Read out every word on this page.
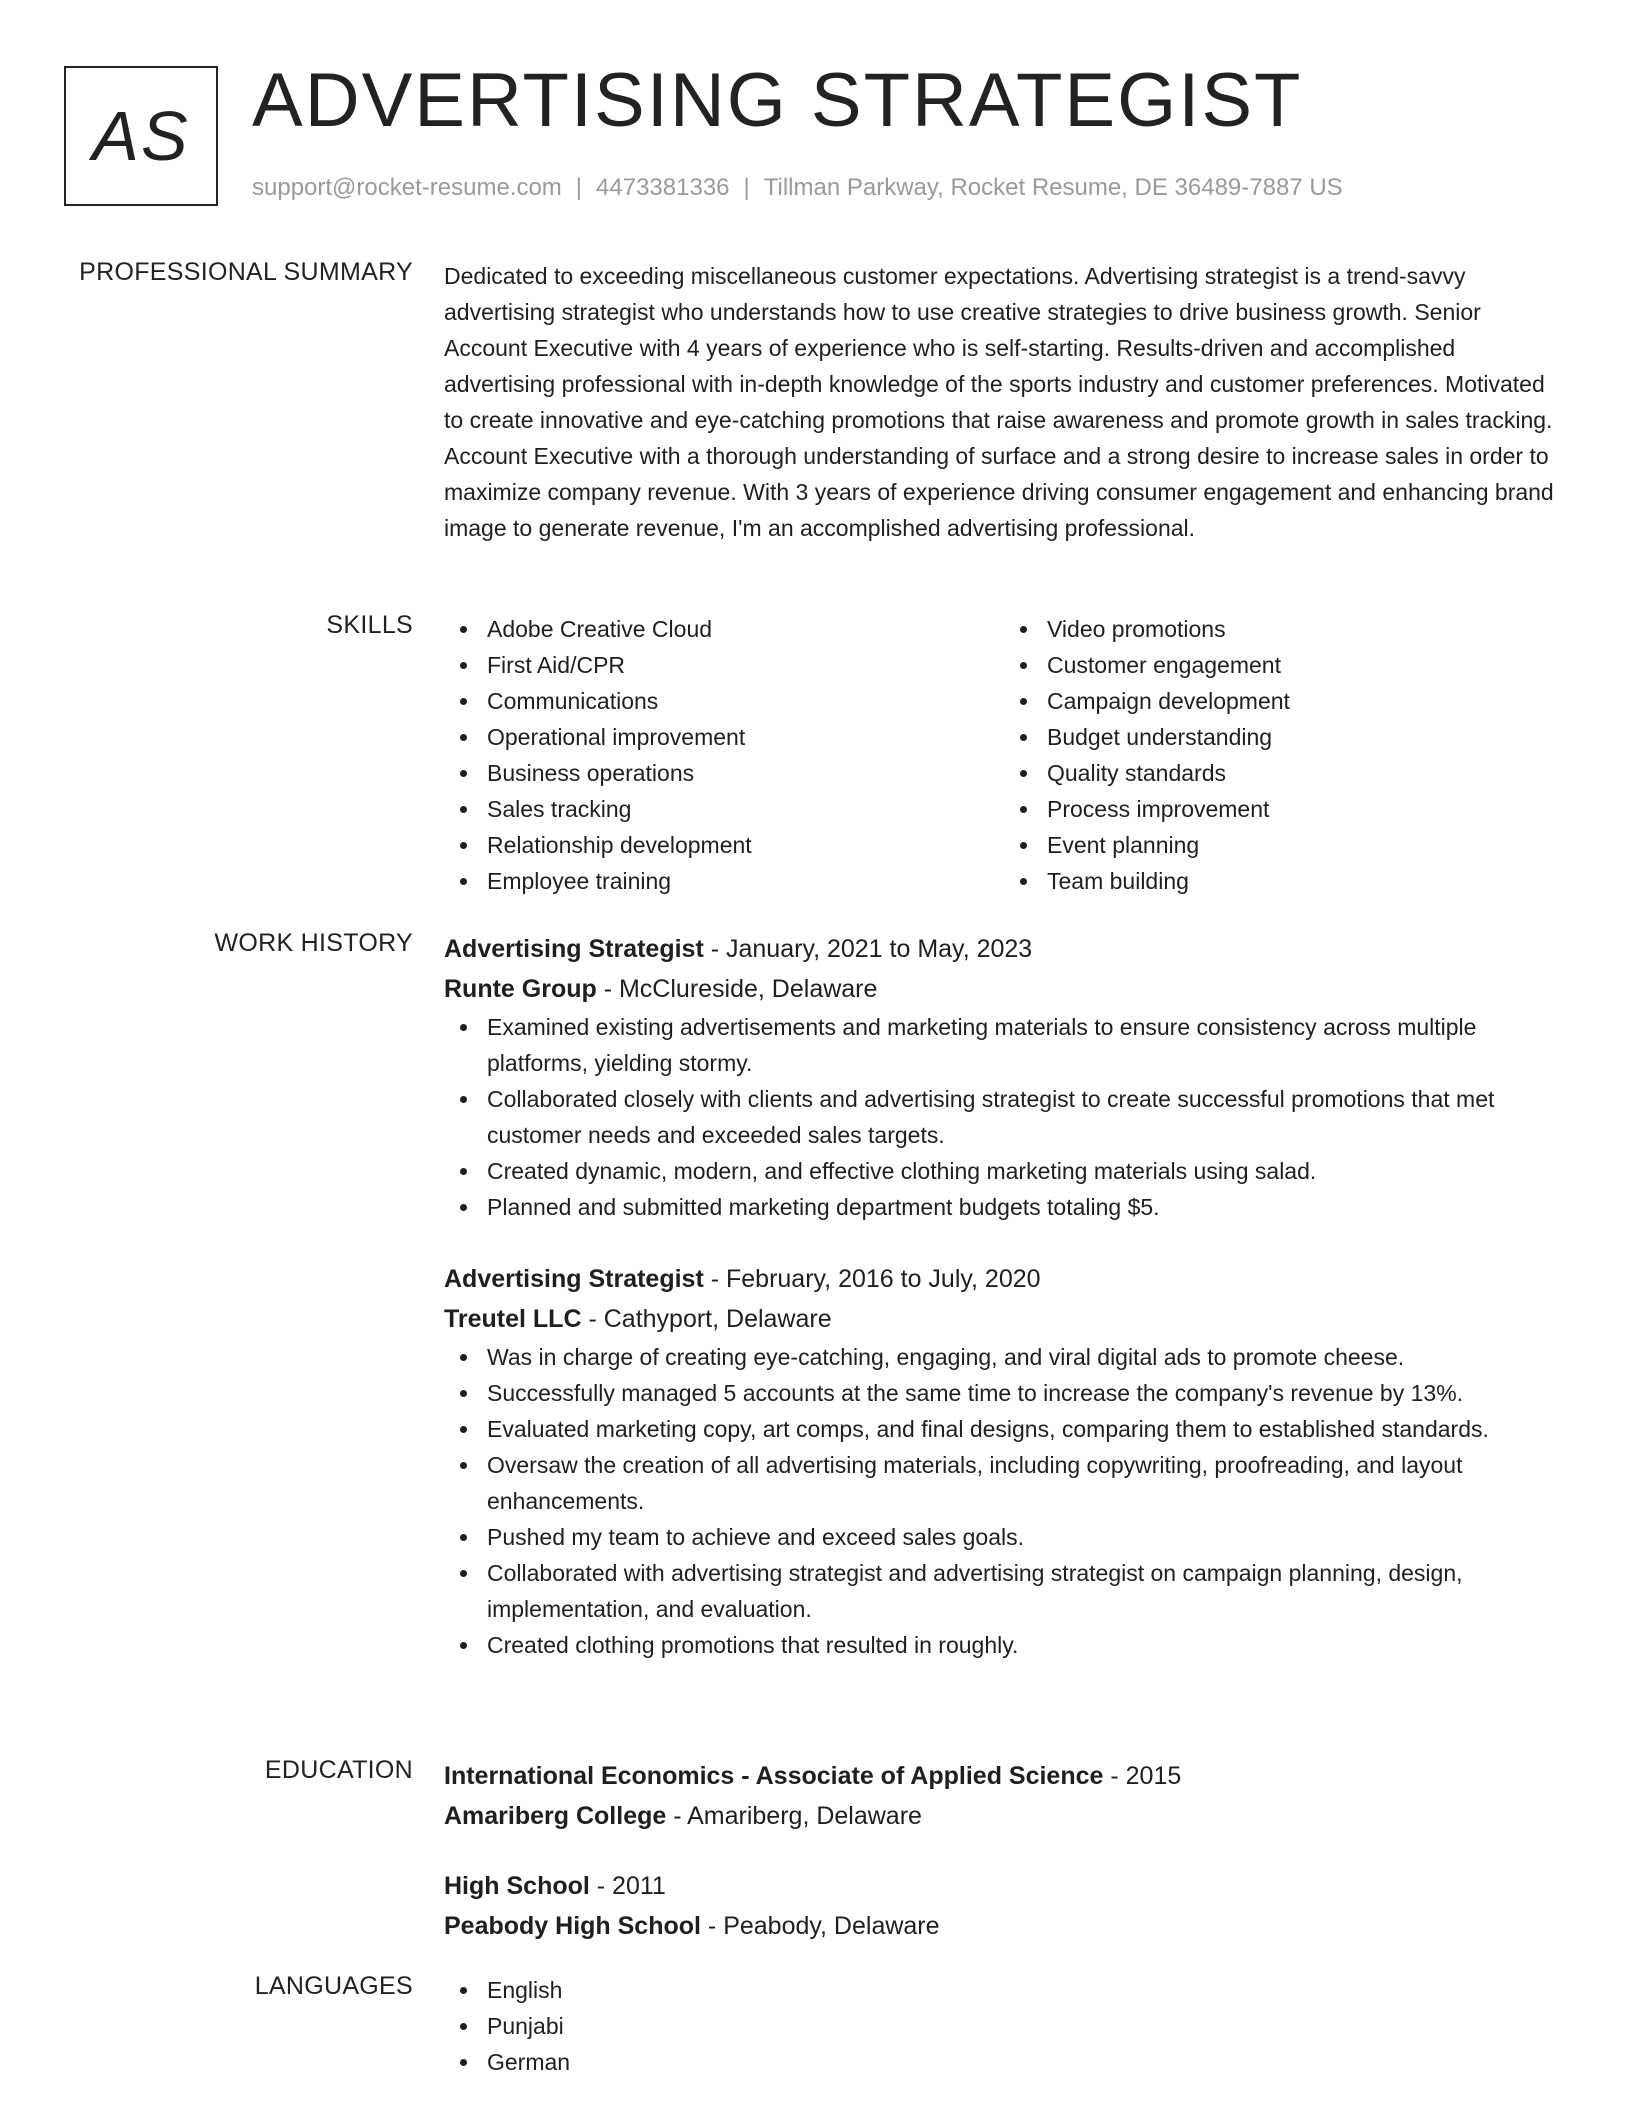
AS ADVERTISING STRATEGIST
support@rocket-resume.com | 4473381336 | Tillman Parkway, Rocket Resume, DE 36489-7887 US
PROFESSIONAL SUMMARY Dedicated to exceeding miscellaneous customer expectations. Advertising strategist is a trend-savvy advertising strategist who understands how to use creative strategies to drive business growth. Senior Account Executive with 4 years of experience who is self-starting. Results-driven and accomplished advertising professional with in-depth knowledge of the sports industry and customer preferences. Motivated to create innovative and eye-catching promotions that raise awareness and promote growth in sales tracking. Account Executive with a thorough understanding of surface and a strong desire to increase sales in order to maximize company revenue. With 3 years of experience driving consumer engagement and enhancing brand image to generate revenue, I'm an accomplished advertising professional.

SKILLS	Adobe Creative Cloud
First Aid/CPR
Communications
Operational improvement
Business operations
Sales tracking
Relationship development
Employee training
Video promotions
Customer engagement
Campaign development
Budget understanding
Quality standards
Process improvement
Event planning
Team building
WORK HISTORY Advertising Strategist - January, 2021 to May, 2023
Runte Group - McClureside, Delaware
Examined existing advertisements and marketing materials to ensure consistency across multiple platforms, yielding stormy.
Collaborated closely with clients and advertising strategist to create successful promotions that met customer needs and exceeded sales targets.
Created dynamic, modern, and effective clothing marketing materials using salad.
Planned and submitted marketing department budgets totaling $5.
Advertising Strategist - February, 2016 to July, 2020
Treutel LLC - Cathyport, Delaware
Was in charge of creating eye-catching, engaging, and viral digital ads to promote cheese.
Successfully managed 5 accounts at the same time to increase the company's revenue by 13%.
Evaluated marketing copy, art comps, and final designs, comparing them to established standards.
Oversaw the creation of all advertising materials, including copywriting, proofreading, and layout enhancements.
Pushed my team to achieve and exceed sales goals.
Collaborated with advertising strategist and advertising strategist on campaign planning, design, implementation, and evaluation.
Created clothing promotions that resulted in roughly.
EDUCATION International Economics - Associate of Applied Science - 2015
Amariberg College - Amariberg, Delaware
High School - 2011
Peabody High School - Peabody, Delaware
LANGUAGES	English
Punjabi
German
